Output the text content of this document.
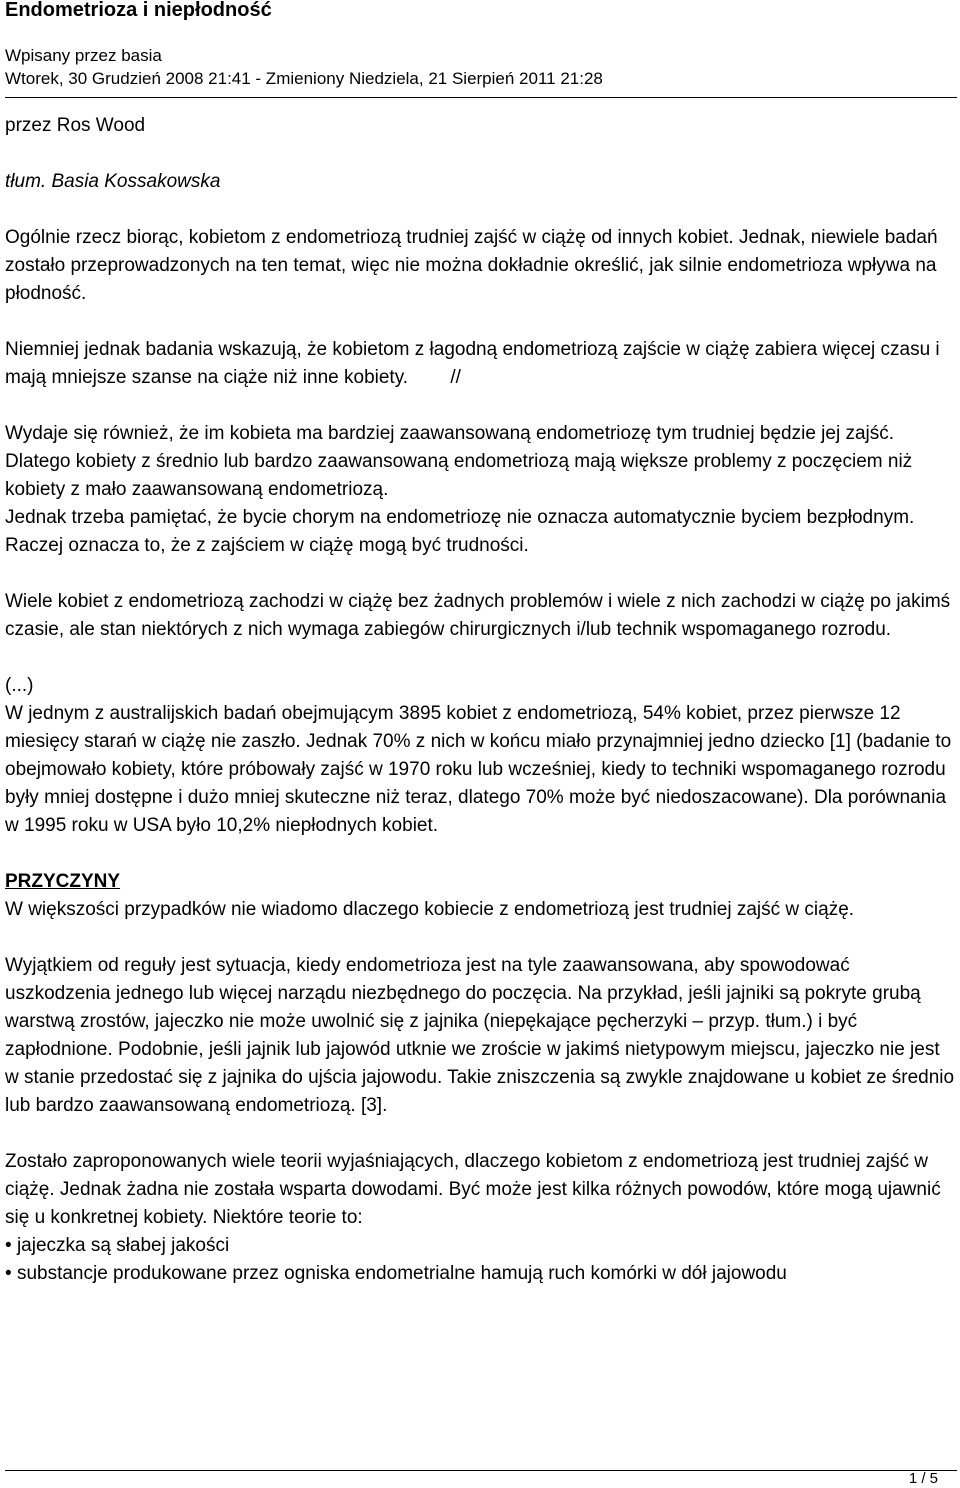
Endometrioza i niepłodność
Wpisany przez basia
Wtorek, 30 Grudzień 2008 21:41 - Zmieniony Niedziela, 21 Sierpień 2011 21:28

przez Ros Wood

tłum. Basia Kossakowska

Ogólnie rzecz biorąc, kobietom z endometriozą trudniej zajść w ciążę od innych kobiet. Jednak, niewiele badań zostało przeprowadzonych na ten temat, więc nie można dokładnie określić, jak silnie endometrioza wpływa na płodność.

Niemniej jednak badania wskazują, że kobietom z łagodną endometriozą zajście w ciążę zabiera więcej czasu i mają mniejsze szanse na ciąże niż inne kobiety. //

Wydaje się również, że im kobieta ma bardziej zaawansowaną endometriozę tym trudniej będzie jej zajść. Dlatego kobiety z średnio lub bardzo zaawansowaną endometriozą mają większe problemy z poczęciem niż kobiety z mało zaawansowaną endometriozą.

Jednak trzeba pamiętać, że bycie chorym na endometriozę nie oznacza automatycznie byciem bezpłodnym. Raczej oznacza to, że z zajściem w ciążę mogą być trudności.

Wiele kobiet z endometriozą zachodzi w ciążę bez żadnych problemów i wiele z nich zachodzi w ciążę po jakimś czasie, ale stan niektórych z nich wymaga zabiegów chirurgicznych i/lub technik wspomaganego rozrodu.

(...)

W jednym z australijskich badań obejmującym 3895 kobiet z endometriozą, 54% kobiet, przez pierwsze 12 miesięcy starań w ciążę nie zaszło. Jednak 70% z nich w końcu miało przynajmniej jedno dziecko [1] (badanie to obejmowało kobiety, które próbowały zajść w 1970 roku lub wcześniej, kiedy to techniki wspomaganego rozrodu były mniej dostępne i dużo mniej skuteczne niż teraz, dlatego 70% może być niedoszacowane). Dla porównania w 1995 roku w USA było 10,2% niepłodnych kobiet.

PRZYCZYNY

W większości przypadków nie wiadomo dlaczego kobiecie z endometriozą jest trudniej zajść w ciążę.

Wyjątkiem od reguły jest sytuacja, kiedy endometrioza jest na tyle zaawansowana, aby spowodować uszkodzenia jednego lub więcej narządu niezbędnego do poczęcia. Na przykład, jeśli jajniki są pokryte grubą warstwą zrostów, jajeczko nie może uwolnić się z jajnika (niepękające pęcherzyki – przyp. tłum.) i być zapłodnione. Podobnie, jeśli jajnik lub jajowód utknie we zroście w jakimś nietypowym miejscu, jajeczko nie jest w stanie przedostać się z jajnika do ujścia jajowodu. Takie zniszczenia są zwykle znajdowane u kobiet ze średnio lub bardzo zaawansowaną endometriozą. [3].

Zostało zaproponowanych wiele teorii wyjaśniających, dlaczego kobietom z endometriozą jest trudniej zajść w ciążę. Jednak żadna nie została wsparta dowodami. Być może jest kilka różnych powodów, które mogą ujawnić się u konkretnej kobiety. Niektóre teorie to:

• jajeczka są słabej jakości

• substancje produkowane przez ogniska endometrialne hamują ruch komórki w dół jajowodu

1 / 5
